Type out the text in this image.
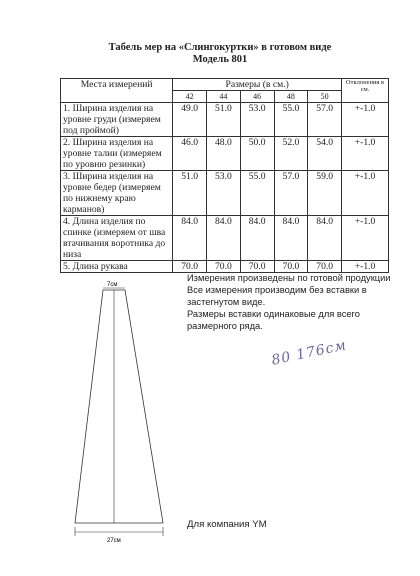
Табель мер на «Слингокуртки» в готовом виде
Модель 801
Места измерений	Размеры (в см.)					Отклонения в см.
	42	44	46	48	50	
1. Ширина изделия на уровне груди (измеряем под проймой)	49.0	51.0	53.0	55.0	57.0	+-1.0
2. Ширина изделия на уровне талии (измеряем по уровню резинки)	46.0	48.0	50.0	52.0	54.0	+-1.0
3. Ширина изделия на уровне бедер (измеряем по нижнему краю карманов)	51.0	53.0	55.0	57.0	59.0	+-1.0
4. Длина изделия по спинке (измеряем от шва втачивания воротника до низа	84.0	84.0	84.0	84.0	84.0	+-1.0
5. Длина рукава	70.0	70.0	70.0	70.0	70.0	+-1.0
7см
27см
Измерения произведены по готовой продукции
Все измерения производим без вставки в
застегнутом виде.
Размеры вставки одинаковые для всего
размерного ряда.
80 176см
Для компания YM
